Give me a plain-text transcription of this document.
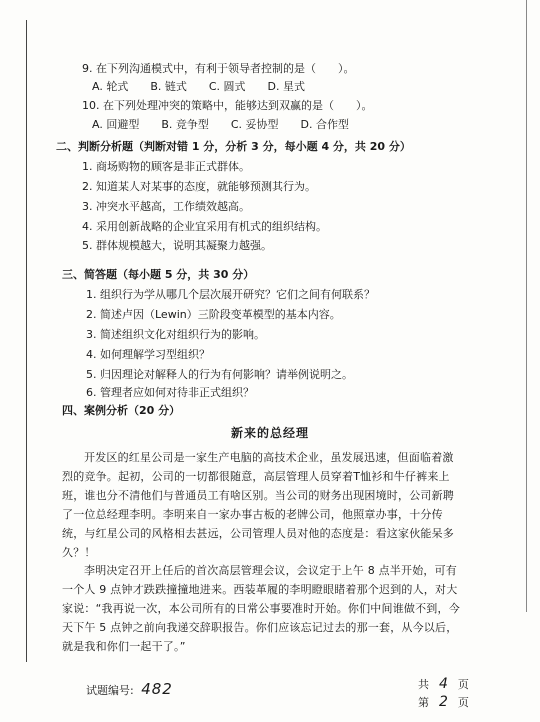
9. 在下列沟通模式中，有利于领导者控制的是（　　）。
A. 轮式　　B. 链式　　C. 圆式　　D. 星式
10. 在下列处理冲突的策略中，能够达到双赢的是（　　）。
A. 回避型　　B. 竞争型　　C. 妥协型　　D. 合作型
二、判断分析题（判断对错 1 分，分析 3 分，每小题 4 分，共 20 分）
1. 商场购物的顾客是非正式群体。
2. 知道某人对某事的态度，就能够预测其行为。
3. 冲突水平越高，工作绩效越高。
4. 采用创新战略的企业宜采用有机式的组织结构。
5. 群体规模越大，说明其凝聚力越强。
三、简答题（每小题 5 分，共 30 分）
1. 组织行为学从哪几个层次展开研究？它们之间有何联系？
2. 简述卢因（Lewin）三阶段变革模型的基本内容。
3. 简述组织文化对组织行为的影响。
4. 如何理解学习型组织？
5. 归因理论对解释人的行为有何影响？请举例说明之。
6. 管理者应如何对待非正式组织？
四、案例分析（20 分）
新来的总经理
开发区的红星公司是一家生产电脑的高技术企业，虽发展迅速，但面临着激烈的竞争。起初，公司的一切都很随意，高层管理人员穿着T恤衫和牛仔裤来上班，谁也分不清他们与普通员工有啥区别。当公司的财务出现困境时，公司新聘了一位总经理李明。李明来自一家办事古板的老牌公司，他照章办事，十分传统，与红星公司的风格相去甚远，公司管理人员对他的态度是：看这家伙能呆多久？！
李明决定召开上任后的首次高层管理会议，会议定于上午 8 点半开始，可有一个人 9 点钟才跌跌撞撞地进来。西装革履的李明瞪眼睹着那个迟到的人，对大家说：“我再说一次，本公司所有的日常公事要准时开始。你们中间谁做不到，今天下午 5 点钟之前向我递交辞职报告。你们应该忘记过去的那一套，从今以后，就是我和你们一起干了。”
试题编号: 482	共 4 页
第 2 页
